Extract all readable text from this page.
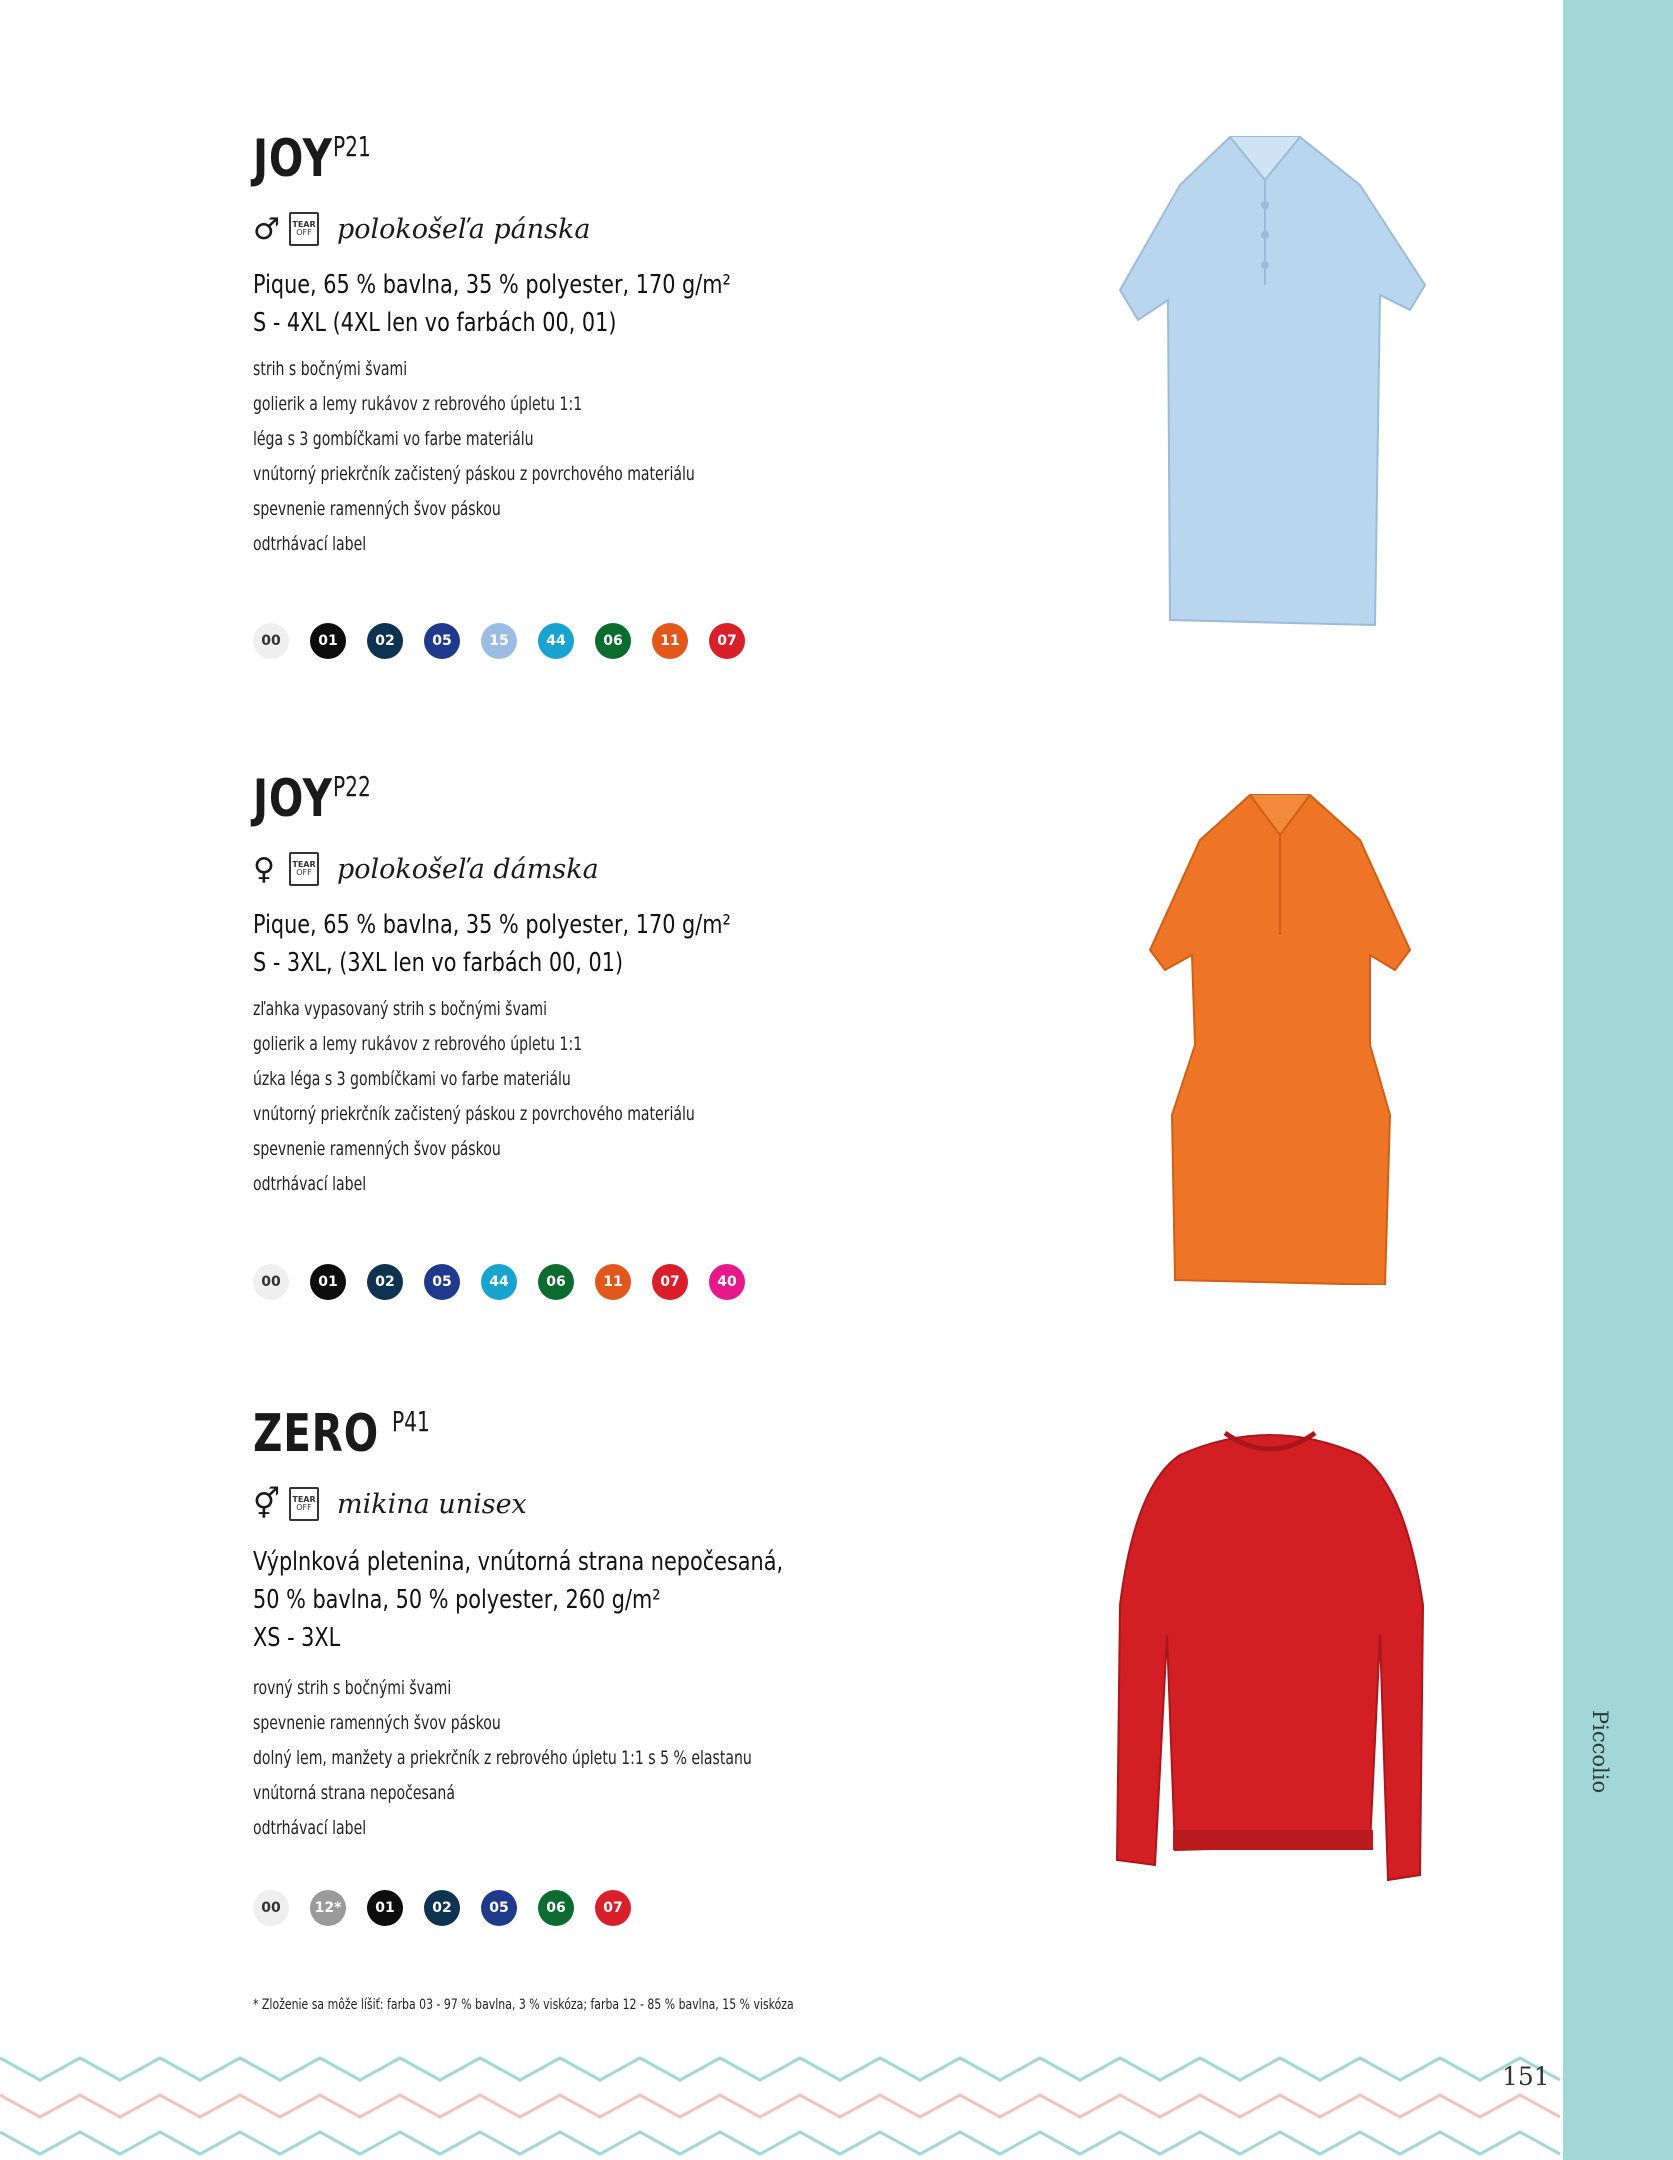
Piccolio
JOY P21
♂	TEAR
OFF polokošeľa pánska
Pique, 65 % bavlna, 35 % polyester, 170 g/m²
S - 4XL (4XL len vo farbách 00, 01)
strih s bočnými švami
golierik a lemy rukávov z rebrového úpletu 1:1
léga s 3 gombíčkami vo farbe materiálu
vnútorný priekrčník začistený páskou z povrchového materiálu
spevnenie ramenných švov páskou
odtrhávací label
00	01	02	05	15	44	06	11	07
JOY P22
♀	TEAR
OFF polokošeľa dámska
Pique, 65 % bavlna, 35 % polyester, 170 g/m²
S - 3XL, (3XL len vo farbách 00, 01)
zľahka vypasovaný strih s bočnými švami
golierik a lemy rukávov z rebrového úpletu 1:1
úzka léga s 3 gombíčkami vo farbe materiálu
vnútorný priekrčník začistený páskou z povrchového materiálu
spevnenie ramenných švov páskou
odtrhávací label
00	01	02	05	44	06	11	07	40
ZERO P41
⚥	TEAR
OFF mikina unisex
Výplnková pletenina, vnútorná strana nepočesaná,
50 % bavlna, 50 % polyester, 260 g/m²
XS - 3XL
rovný strih s bočnými švami
spevnenie ramenných švov páskou
dolný lem, manžety a priekrčník z rebrového úpletu 1:1 s 5 % elastanu
vnútorná strana nepočesaná
odtrhávací label
00	12*	01	02	05	06	07
* Zloženie sa môže líšiť: farba 03 - 97 % bavlna, 3 % viskóza; farba 12 - 85 % bavlna, 15 % viskóza
151
